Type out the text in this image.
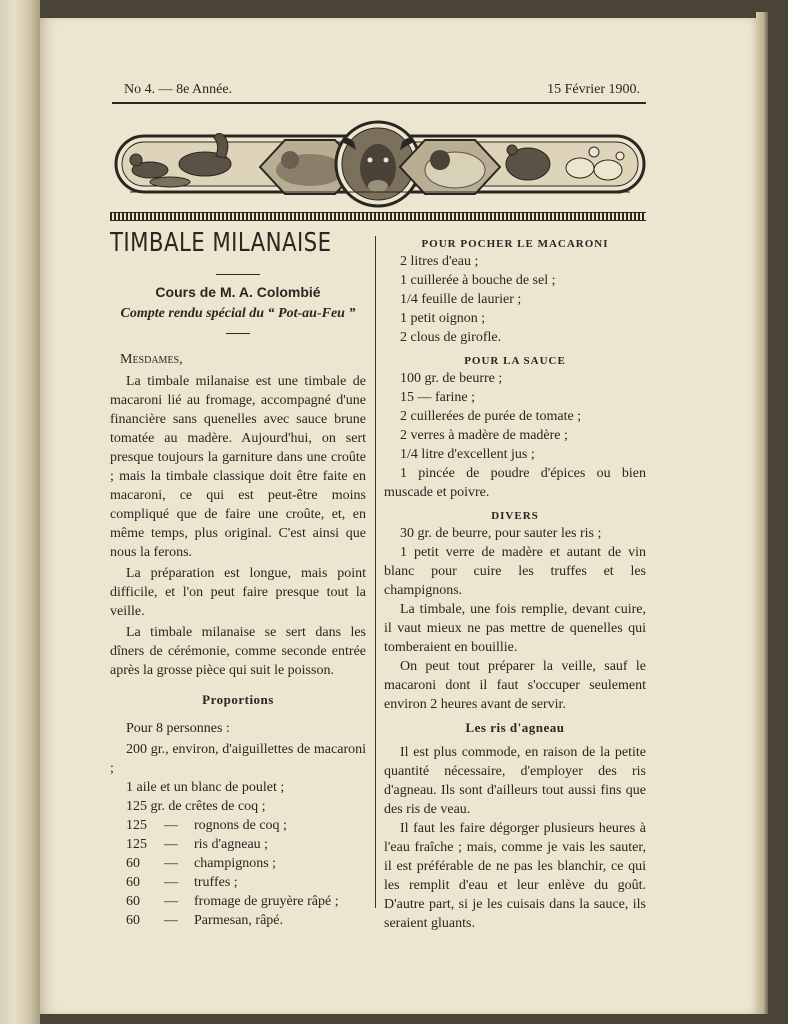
No 4. — 8e Année.	15 Février 1900.
TIMBALE MILANAISE

Cours de M. A. Colombié

Compte rendu spécial du “ Pot-au-Feu ”

Mesdames,

La timbale milanaise est une timbale de macaroni lié au fromage, accompagné d'une financière sans quenelles avec sauce brune tomatée au madère. Aujourd'hui, on sert presque toujours la garniture dans une croûte ; mais la timbale classique doit être faite en macaroni, ce qui est peut-être moins compliqué que de faire une croûte, et, en même temps, plus original. C'est ainsi que nous la ferons.

La préparation est longue, mais point difficile, et l'on peut faire presque tout la veille.

La timbale milanaise se sert dans les dîners de cérémonie, comme seconde entrée après la grosse pièce qui suit le poisson.

Proportions

Pour 8 personnes :

200 gr., environ, d'aiguillettes de macaroni ;

1 aile et un blanc de poulet ;

125 gr. de crêtes de coq ;

125	—	rognons de coq ;
125	—	ris d'agneau ;
60	—	champignons ;
60	—	truffes ;
60	—	fromage de gruyère râpé ;
60	—	Parmesan, râpé.

POUR POCHER LE MACARONI

2 litres d'eau ;

1 cuillerée à bouche de sel ;

1/4 feuille de laurier ;

1 petit oignon ;

2 clous de girofle.

POUR LA SAUCE

100 gr. de beurre ;

15 — farine ;

2 cuillerées de purée de tomate ;

2 verres à madère de madère ;

1/4 litre d'excellent jus ;

1 pincée de poudre d'épices ou bien muscade et poivre.

DIVERS

30 gr. de beurre, pour sauter les ris ;

1 petit verre de madère et autant de vin blanc pour cuire les truffes et les champignons.

La timbale, une fois remplie, devant cuire, il vaut mieux ne pas mettre de quenelles qui tomberaient en bouillie.

On peut tout préparer la veille, sauf le macaroni dont il faut s'occuper seulement environ 2 heures avant de servir.

Les ris d'agneau

Il est plus commode, en raison de la petite quantité nécessaire, d'employer des ris d'agneau. Ils sont d'ailleurs tout aussi fins que des ris de veau.

Il faut les faire dégorger plusieurs heures à l'eau fraîche ; mais, comme je vais les sauter, il est préférable de ne pas les blanchir, ce qui les remplit d'eau et leur enlève du goût. D'autre part, si je les cuisais dans la sauce, ils seraient gluants.
